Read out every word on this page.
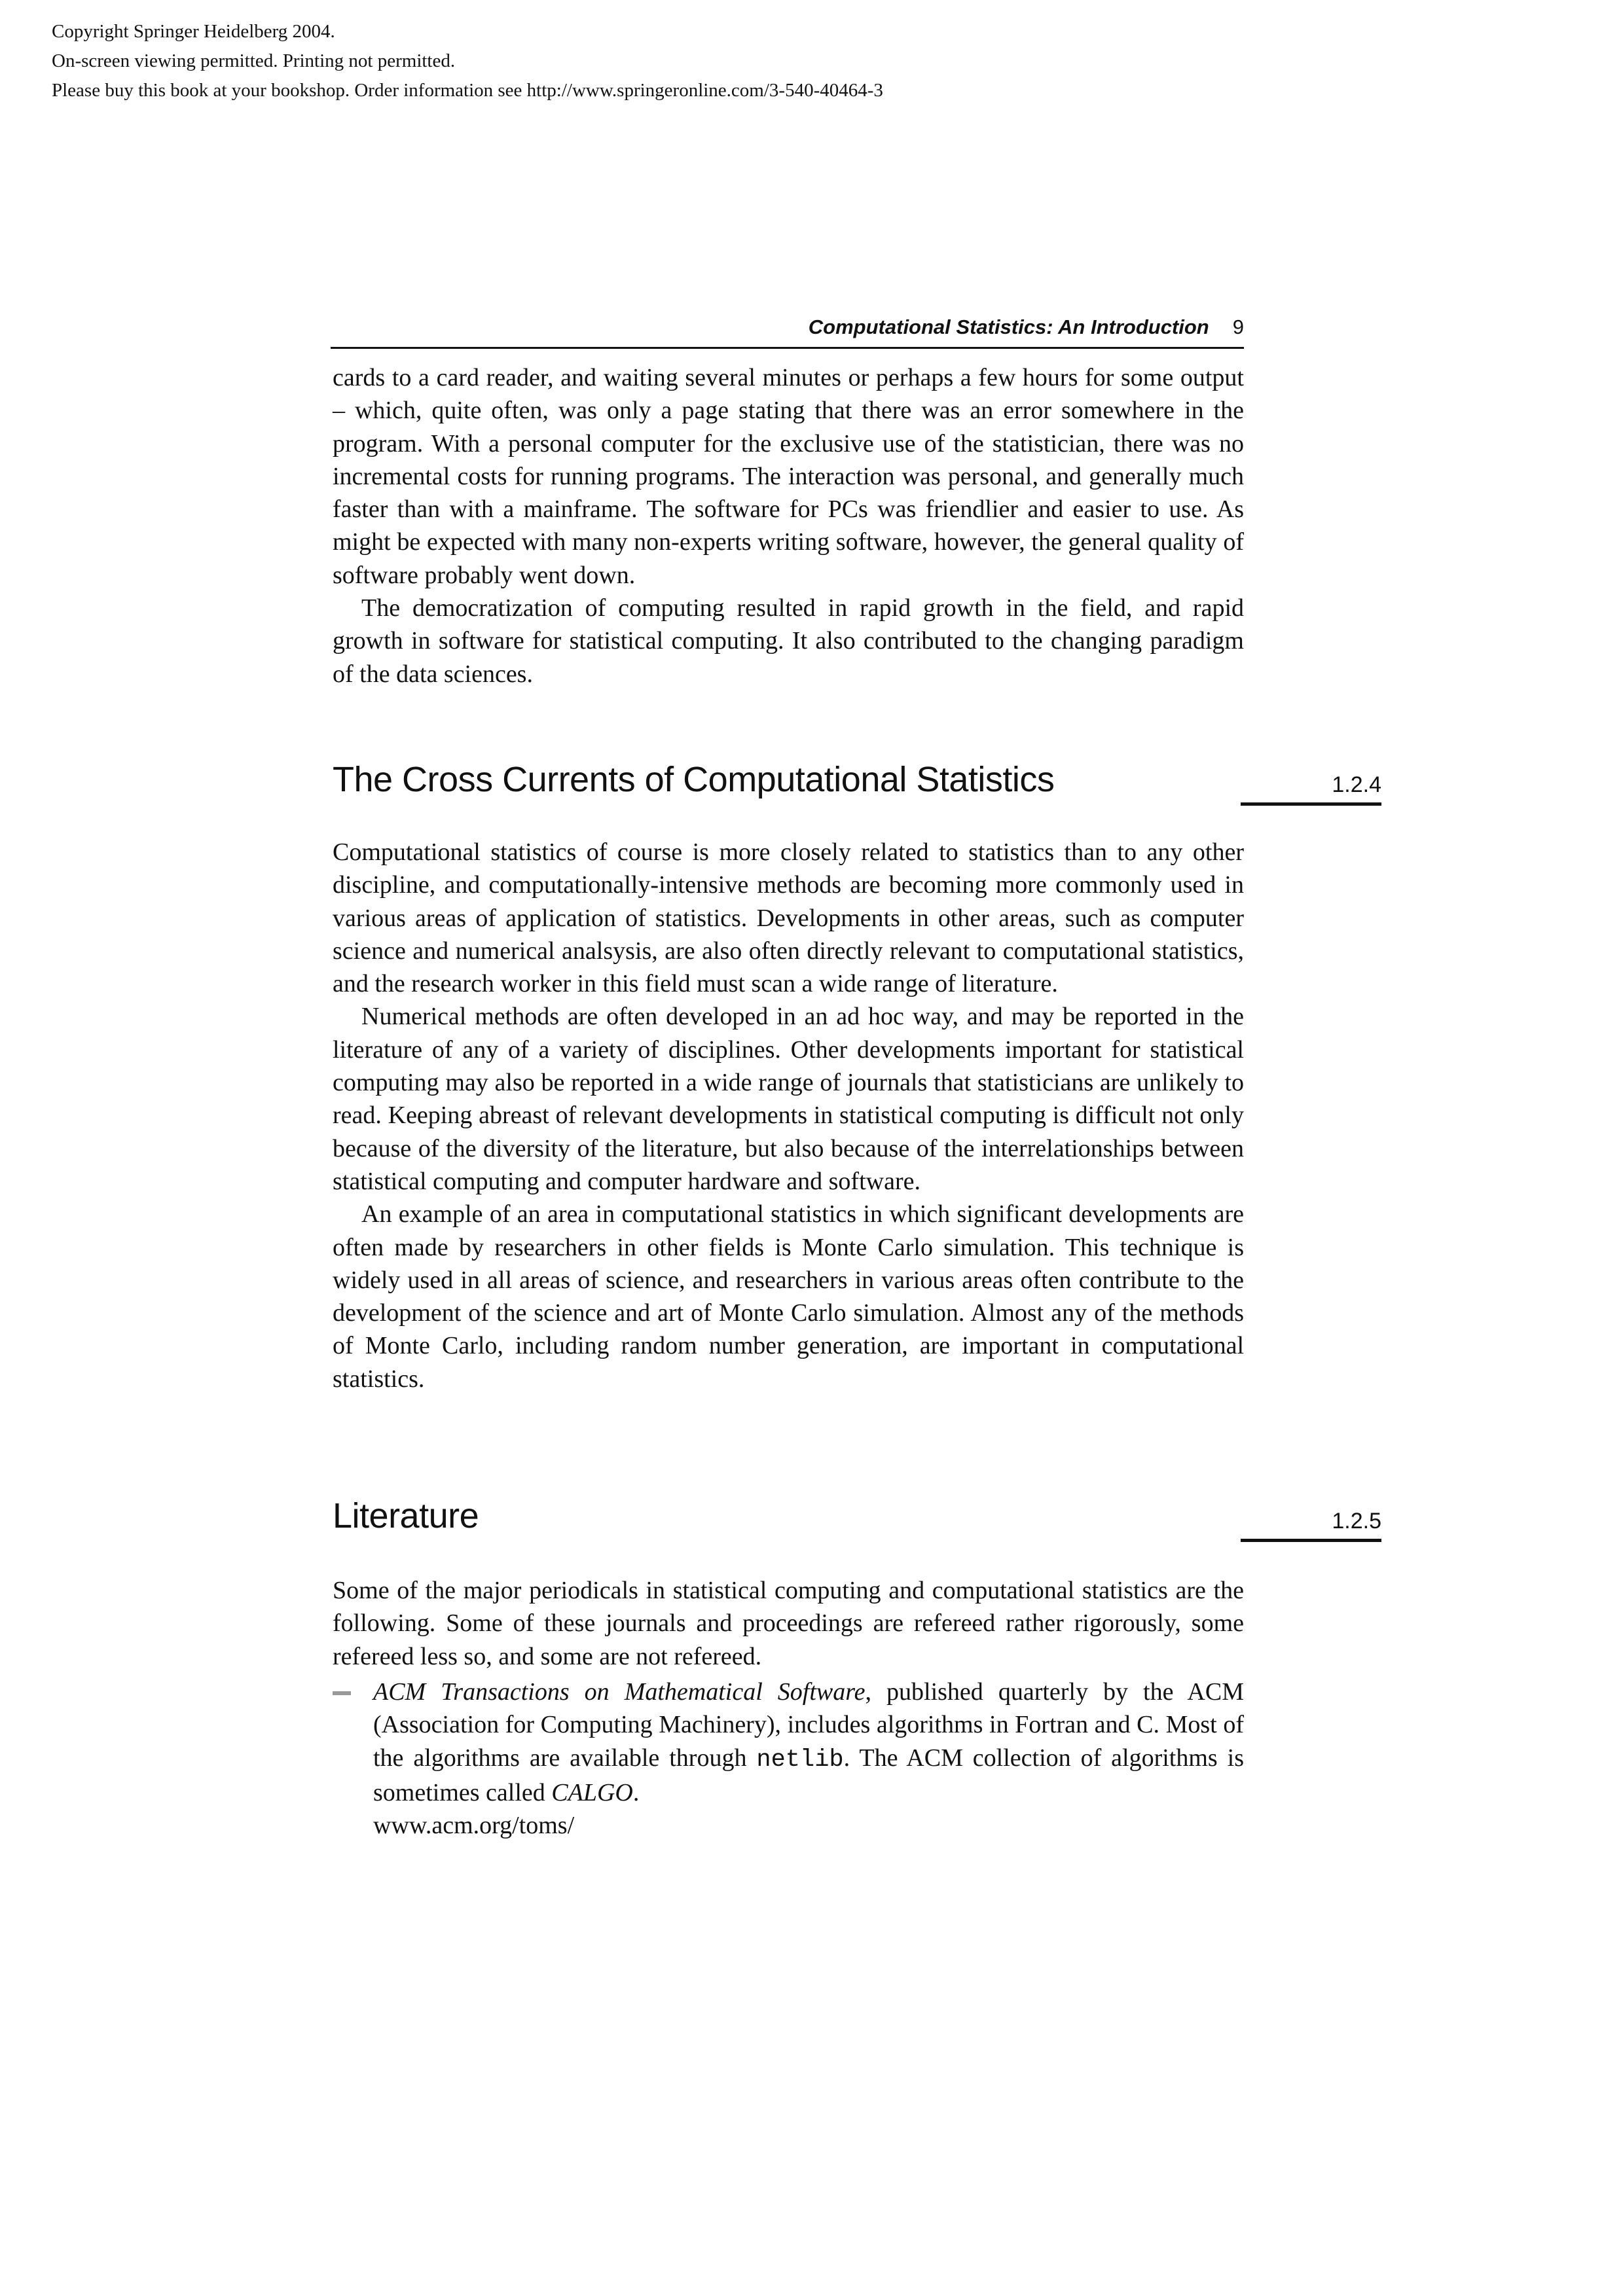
Copyright Springer Heidelberg 2004.
On-screen viewing permitted. Printing not permitted.
Please buy this book at your bookshop. Order information see http://www.springeronline.com/3-540-40464-3
Computational Statistics: An Introduction 9

cards to a card reader, and waiting several minutes or perhaps a few hours for some output – which, quite often, was only a page stating that there was an error somewhere in the program. With a personal computer for the exclusive use of the statistician, there was no incremental costs for running programs. The interaction was personal, and generally much faster than with a mainframe. The software for PCs was friendlier and easier to use. As might be expected with many non-experts writing software, however, the general quality of software probably went down.

The democratization of computing resulted in rapid growth in the field, and rapid growth in software for statistical computing. It also contributed to the changing paradigm of the data sciences.

The Cross Currents of Computational Statistics	1.2.4

Computational statistics of course is more closely related to statistics than to any other discipline, and computationally-intensive methods are becoming more commonly used in various areas of application of statistics. Developments in other areas, such as computer science and numerical analsysis, are also often directly relevant to computational statistics, and the research worker in this field must scan a wide range of literature.

Numerical methods are often developed in an ad hoc way, and may be reported in the literature of any of a variety of disciplines. Other developments important for statistical computing may also be reported in a wide range of journals that statisticians are unlikely to read. Keeping abreast of relevant developments in statistical computing is difficult not only because of the diversity of the literature, but also because of the interrelationships between statistical computing and computer hardware and software.

An example of an area in computational statistics in which significant developments are often made by researchers in other fields is Monte Carlo simulation. This technique is widely used in all areas of science, and researchers in various areas often contribute to the development of the science and art of Monte Carlo simulation. Almost any of the methods of Monte Carlo, including random number generation, are important in computational statistics.

Literature	1.2.5

Some of the major periodicals in statistical computing and computational statistics are the following. Some of these journals and proceedings are refereed rather rigorously, some refereed less so, and some are not refereed.

ACM Transactions on Mathematical Software, published quarterly by the ACM (Association for Computing Machinery), includes algorithms in Fortran and C. Most of the algorithms are available through netlib. The ACM collection of algorithms is sometimes called CALGO.
www.acm.org/toms/
